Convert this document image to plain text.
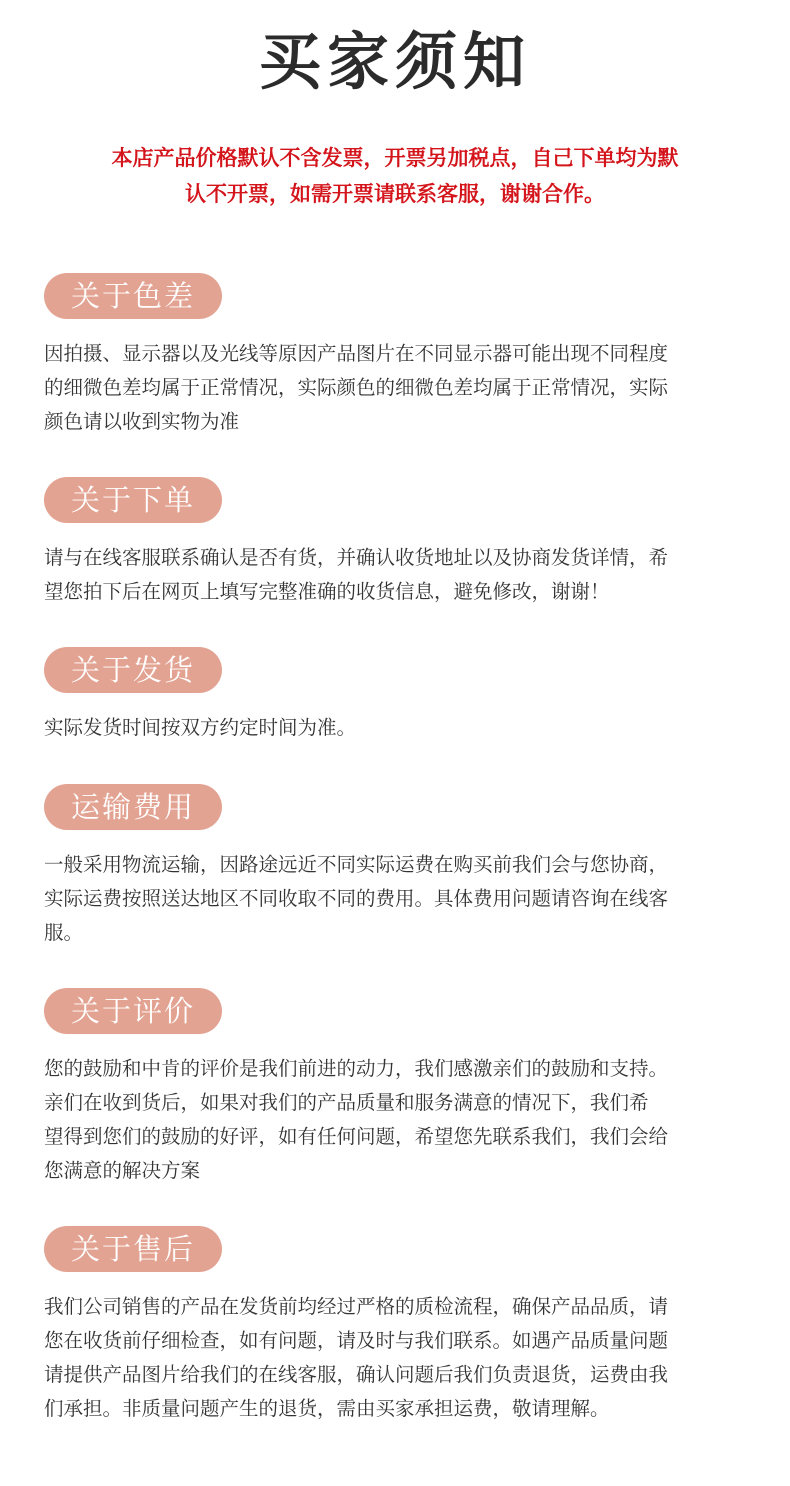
买家须知
本店产品价格默认不含发票，开票另加税点，自己下单均为默
认不开票，如需开票请联系客服，谢谢合作。
关于色差
因拍摄、显示器以及光线等原因产品图片在不同显示器可能出现不同程度
的细微色差均属于正常情况，实际颜色的细微色差均属于正常情况，实际
颜色请以收到实物为准
关于下单
请与在线客服联系确认是否有货，并确认收货地址以及协商发货详情，希
望您拍下后在网页上填写完整准确的收货信息，避免修改，谢谢！
关于发货
实际发货时间按双方约定时间为准。
运输费用
一般采用物流运输，因路途远近不同实际运费在购买前我们会与您协商，
实际运费按照送达地区不同收取不同的费用。具体费用问题请咨询在线客
服。
关于评价
您的鼓励和中肯的评价是我们前进的动力，我们感激亲们的鼓励和支持。
亲们在收到货后，如果对我们的产品质量和服务满意的情况下，我们希
望得到您们的鼓励的好评，如有任何问题，希望您先联系我们，我们会给
您满意的解决方案
关于售后
我们公司销售的产品在发货前均经过严格的质检流程，确保产品品质，请
您在收货前仔细检查，如有问题，请及时与我们联系。如遇产品质量问题
请提供产品图片给我们的在线客服，确认问题后我们负责退货，运费由我
们承担。非质量问题产生的退货，需由买家承担运费，敬请理解。
